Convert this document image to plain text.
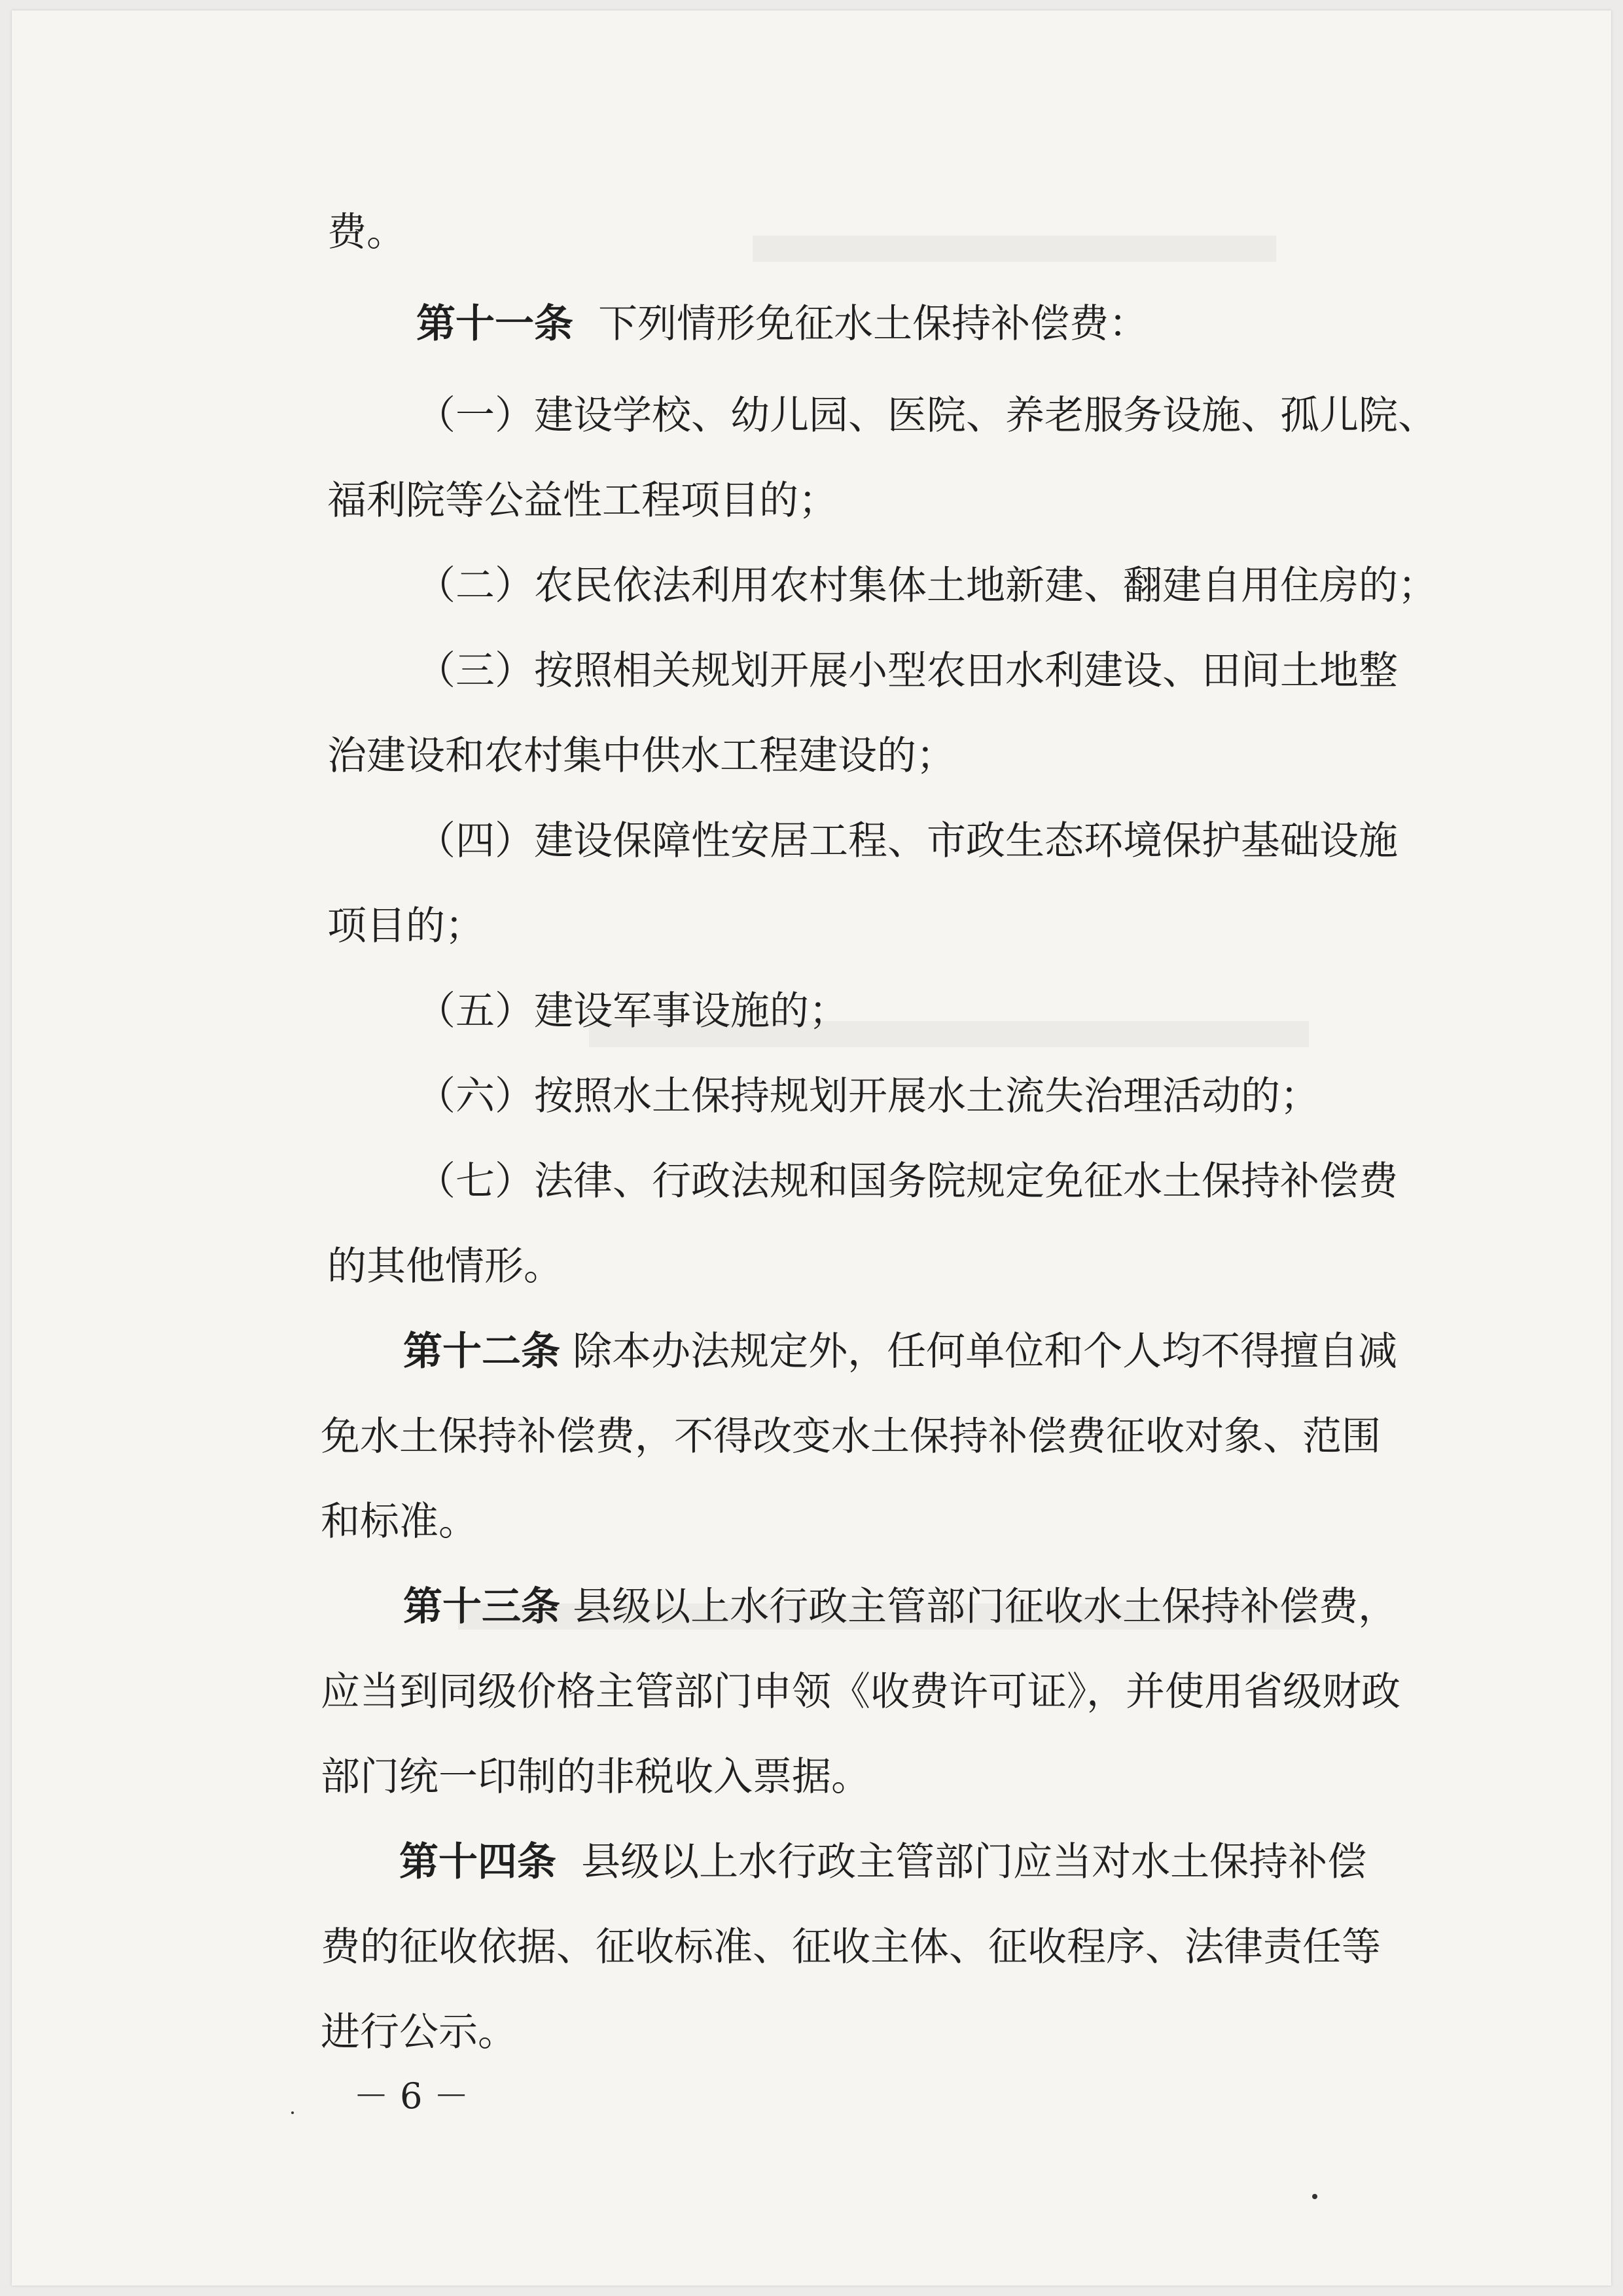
费。

第十一条 下列情形免征水土保持补偿费：

（一）建设学校、幼儿园、医院、养老服务设施、孤儿院、

福利院等公益性工程项目的；

（二）农民依法利用农村集体土地新建、翻建自用住房的；

（三）按照相关规划开展小型农田水利建设、田间土地整

治建设和农村集中供水工程建设的；

（四）建设保障性安居工程、市政生态环境保护基础设施

项目的；

（五）建设军事设施的；

（六）按照水土保持规划开展水土流失治理活动的；

（七）法律、行政法规和国务院规定免征水土保持补偿费

的其他情形。

第十二条 除本办法规定外，任何单位和个人均不得擅自减

免水土保持补偿费，不得改变水土保持补偿费征收对象、范围

和标准。

第十三条 县级以上水行政主管部门征收水土保持补偿费，

应当到同级价格主管部门申领《收费许可证》，并使用省级财政

部门统一印制的非税收入票据。

第十四条 县级以上水行政主管部门应当对水土保持补偿

费的征收依据、征收标准、征收主体、征收程序、法律责任等

进行公示。

－ 6 －
